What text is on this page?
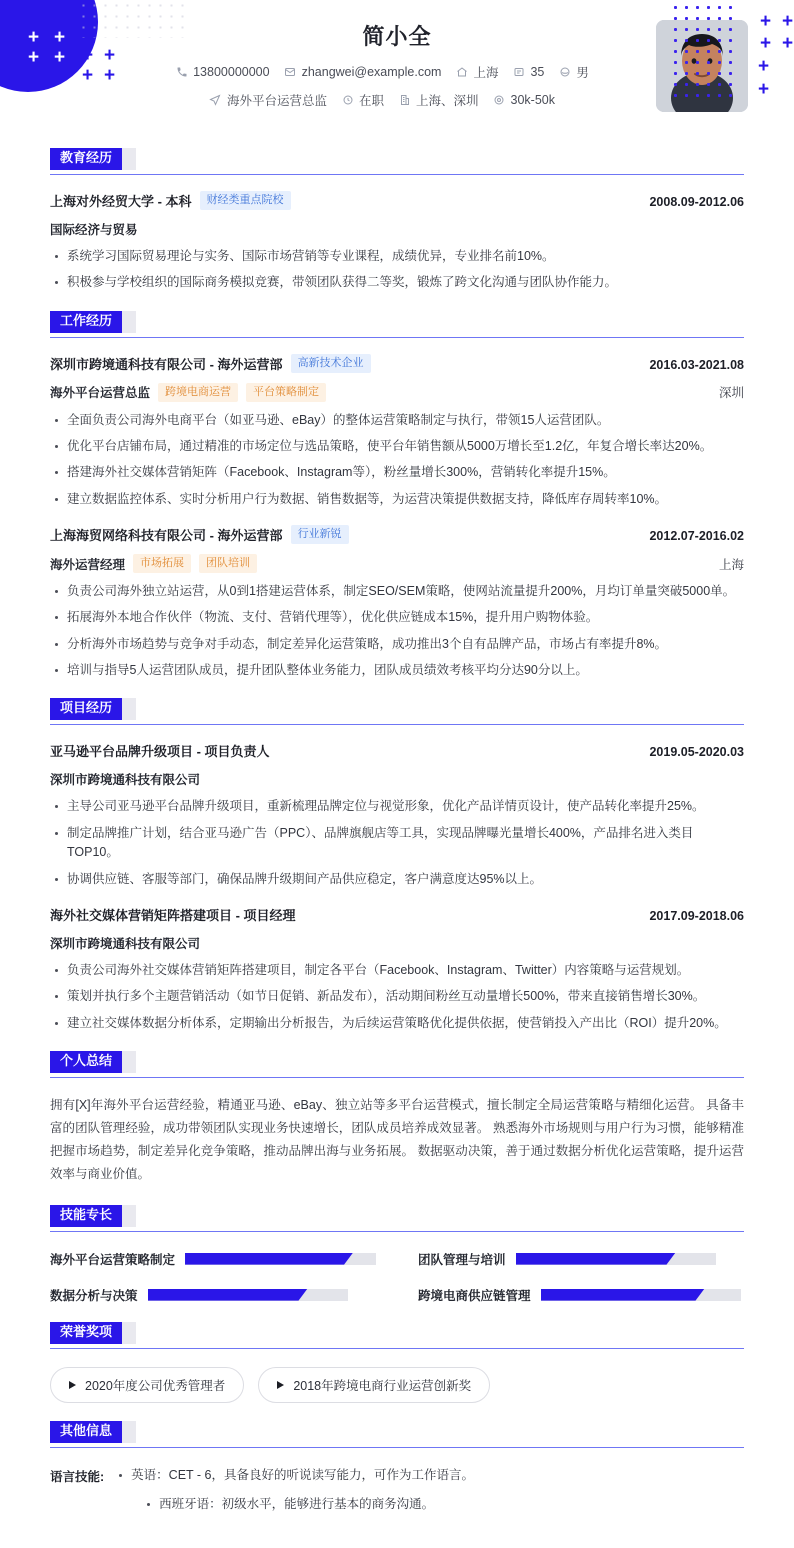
+ +
+ + + +
+ +
+ +
+ +
+
+
简小全
13800000000	zhangwei@example.com	上海	35	男
海外平台运营总监	在职	上海、深圳	30k-50k
教育经历
上海对外经贸大学 - 本科	财经类重点院校	2008.09-2012.06
国际经济与贸易
系统学习国际贸易理论与实务、国际市场营销等专业课程，成绩优异，专业排名前10%。
积极参与学校组织的国际商务模拟竞赛，带领团队获得二等奖，锻炼了跨文化沟通与团队协作能力。
工作经历
深圳市跨境通科技有限公司 - 海外运营部	高新技术企业	2016.03-2021.08
海外平台运营总监	跨境电商运营	平台策略制定	深圳
全面负责公司海外电商平台（如亚马逊、eBay）的整体运营策略制定与执行，带领15人运营团队。
优化平台店铺布局，通过精准的市场定位与选品策略，使平台年销售额从5000万增长至1.2亿，年复合增长率达20%。
搭建海外社交媒体营销矩阵（Facebook、Instagram等），粉丝量增长300%，营销转化率提升15%。
建立数据监控体系、实时分析用户行为数据、销售数据等，为运营决策提供数据支持，降低库存周转率10%。
上海海贸网络科技有限公司 - 海外运营部	行业新锐	2012.07-2016.02
海外运营经理	市场拓展	团队培训	上海
负责公司海外独立站运营，从0到1搭建运营体系，制定SEO/SEM策略，使网站流量提升200%，月均订单量突破5000单。
拓展海外本地合作伙伴（物流、支付、营销代理等），优化供应链成本15%，提升用户购物体验。
分析海外市场趋势与竞争对手动态，制定差异化运营策略，成功推出3个自有品牌产品，市场占有率提升8%。
培训与指导5人运营团队成员，提升团队整体业务能力，团队成员绩效考核平均分达90分以上。
项目经历
亚马逊平台品牌升级项目 - 项目负责人	2019.05-2020.03
深圳市跨境通科技有限公司
主导公司亚马逊平台品牌升级项目，重新梳理品牌定位与视觉形象，优化产品详情页设计，使产品转化率提升25%。
制定品牌推广计划，结合亚马逊广告（PPC）、品牌旗舰店等工具，实现品牌曝光量增长400%，产品排名进入类目TOP10。
协调供应链、客服等部门，确保品牌升级期间产品供应稳定，客户满意度达95%以上。
海外社交媒体营销矩阵搭建项目 - 项目经理	2017.09-2018.06
深圳市跨境通科技有限公司
负责公司海外社交媒体营销矩阵搭建项目，制定各平台（Facebook、Instagram、Twitter）内容策略与运营规划。
策划并执行多个主题营销活动（如节日促销、新品发布），活动期间粉丝互动量增长500%，带来直接销售增长30%。
建立社交媒体数据分析体系，定期输出分析报告，为后续运营策略优化提供依据，使营销投入产出比（ROI）提升20%。
个人总结

拥有[X]年海外平台运营经验，精通亚马逊、eBay、独立站等多平台运营模式，擅长制定全局运营策略与精细化运营。 具备丰富的团队管理经验，成功带领团队实现业务快速增长，团队成员培养成效显著。 熟悉海外市场规则与用户行为习惯，能够精准把握市场趋势，制定差异化竞争策略，推动品牌出海与业务拓展。 数据驱动决策，善于通过数据分析优化运营策略，提升运营效率与商业价值。

技能专长
海外平台运营策略制定	团队管理与培训
数据分析与决策	跨境电商供应链管理
荣誉奖项
2020年度公司优秀管理者	2018年跨境电商行业运营创新奖
其他信息
语言技能: 英语：CET - 6，具备良好的听说读写能力，可作为工作语言。
西班牙语：初级水平，能够进行基本的商务沟通。
